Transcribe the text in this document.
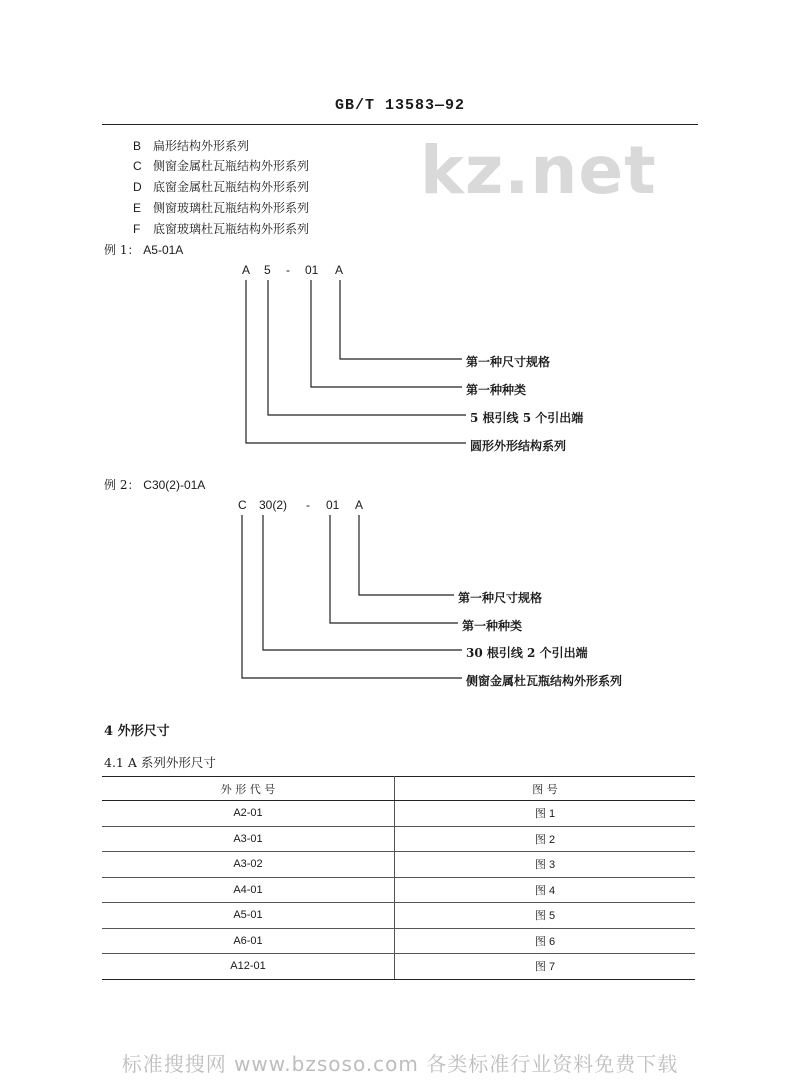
GB/T 13583—92
kz.net
B 扁形结构外形系列
C 侧窗金属杜瓦瓶结构外形系列
D 底窗金属杜瓦瓶结构外形系列
E 侧窗玻璃杜瓦瓶结构外形系列
F 底窗玻璃杜瓦瓶结构外形系列
例 1： A5-01A
A 5 - 01 A
第一种尺寸规格
第一种种类
5 根引线 5 个引出端
圆形外形结构系列
例 2： C30(2)-01A
C 30(2) - 01 A
第一种尺寸规格
第一种种类
30 根引线 2 个引出端
侧窗金属杜瓦瓶结构外形系列
4 外形尺寸
4.1 A 系列外形尺寸
外 形 代 号	图 号
A2-01	图 1
A3-01	图 2
A3-02	图 3
A4-01	图 4
A5-01	图 5
A6-01	图 6
A12-01	图 7
标准搜搜网 www.bzsoso.com 各类标准行业资料免费下载
